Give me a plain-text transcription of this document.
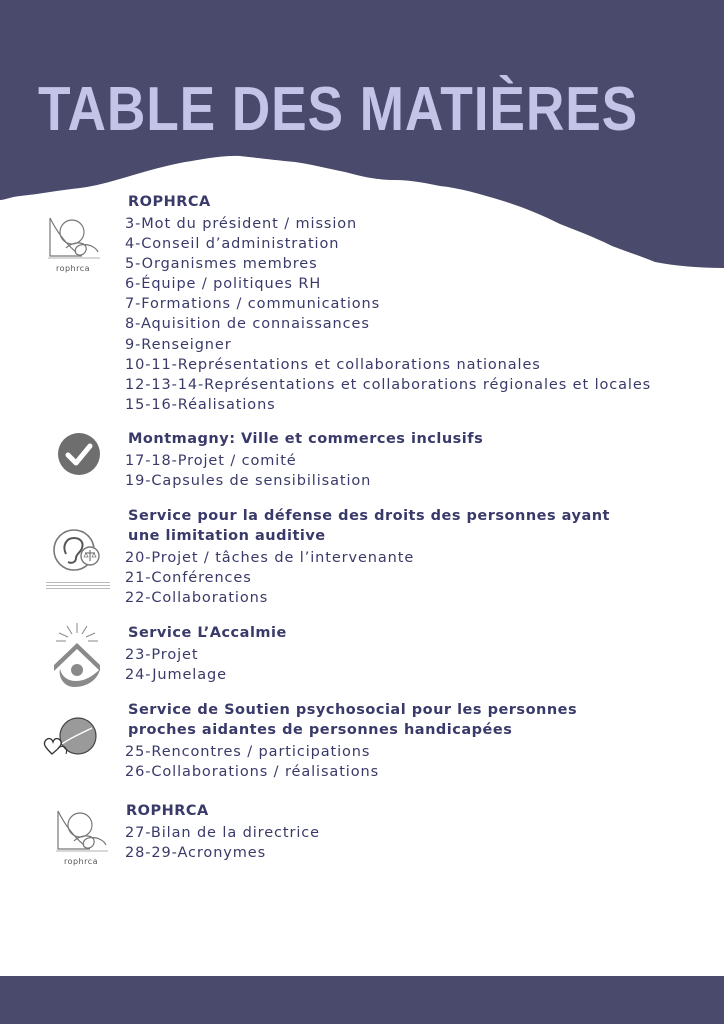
TABLE DES MATIÈRES
rophrca
ROPHRCA
3-Mot du président / mission
4-Conseil d’administration
5-Organismes membres
6-Équipe / politiques RH
7-Formations / communications
8-Aquisition de connaissances
9-Renseigner
10-11-Représentations et collaborations nationales
12-13-14-Représentations et collaborations régionales et locales
15-16-Réalisations
Montmagny: Ville et commerces inclusifs
17-18-Projet / comité
19-Capsules de sensibilisation
Service pour la défense des droits des personnes ayant
une limitation auditive
20-Projet / tâches de l’intervenante
21-Conférences
22-Collaborations
Service L’Accalmie
23-Projet
24-Jumelage
Service de Soutien psychosocial pour les personnes
proches aidantes de personnes handicapées
25-Rencontres / participations
26-Collaborations / réalisations
rophrca
ROPHRCA
27-Bilan de la directrice
28-29-Acronymes
